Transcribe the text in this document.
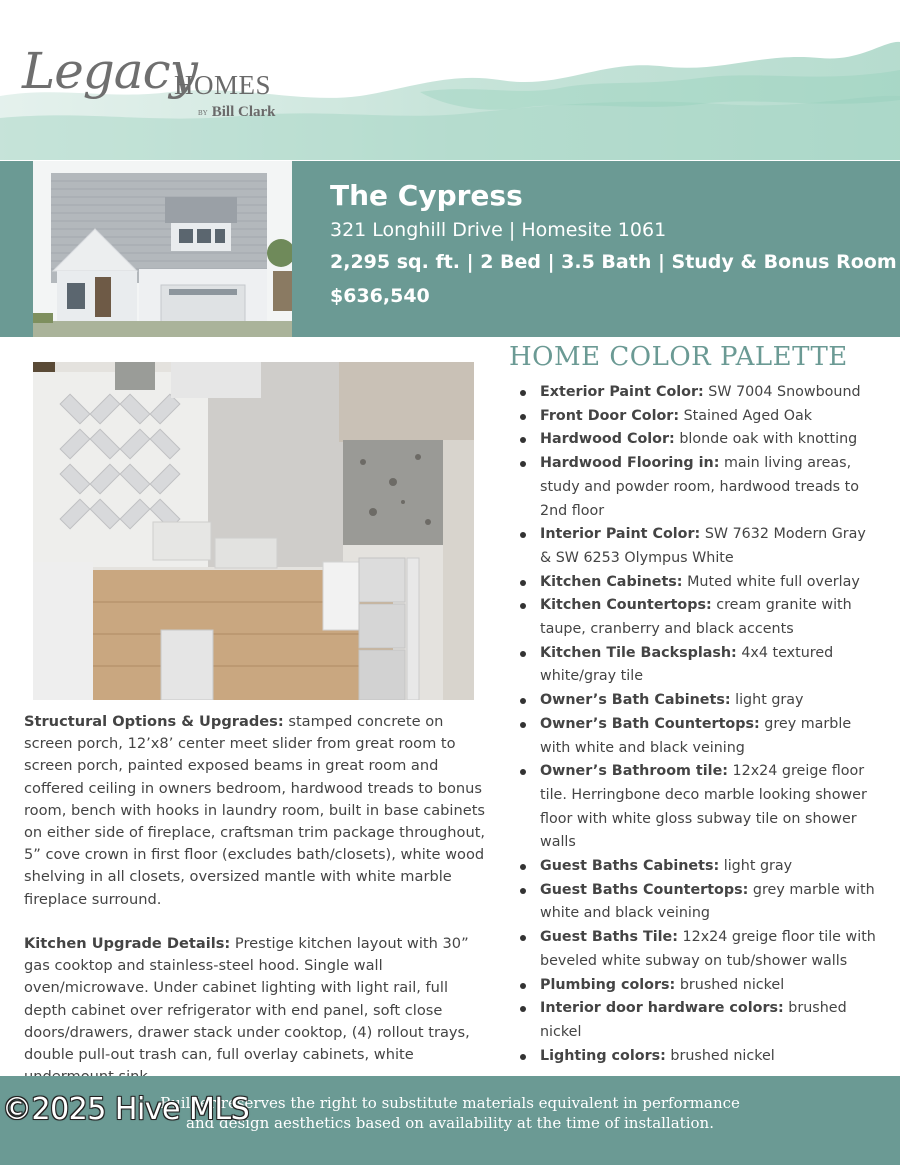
Legacy
HOMES
BY Bill Clark
The Cypress
321 Longhill Drive | Homesite 1061
2,295 sq. ft. | 2 Bed | 3.5 Bath | Study & Bonus Room
$636,540
HOME COLOR PALETTE
Exterior Paint Color: SW 7004 Snowbound
Front Door Color: Stained Aged Oak
Hardwood Color: blonde oak with knotting
Hardwood Flooring in: main living areas, study and powder room, hardwood treads to 2nd floor
Interior Paint Color: SW 7632 Modern Gray & SW 6253 Olympus White
Kitchen Cabinets: Muted white full overlay
Kitchen Countertops: cream granite with taupe, cranberry and black accents
Kitchen Tile Backsplash: 4x4 textured white/gray tile
Owner’s Bath Cabinets: light gray
Owner’s Bath Countertops: grey marble with white and black veining
Owner’s Bathroom tile: 12x24 greige floor tile. Herringbone deco marble looking shower floor with white gloss subway tile on shower walls
Guest Baths Cabinets: light gray
Guest Baths Countertops: grey marble with white and black veining
Guest Baths Tile: 12x24 greige floor tile with beveled white subway on tub/shower walls
Plumbing colors: brushed nickel
Interior door hardware colors: brushed nickel
Lighting colors: brushed nickel

Structural Options & Upgrades: stamped concrete on screen porch, 12’x8’ center meet slider from great room to screen porch, painted exposed beams in great room and coffered ceiling in owners bedroom, hardwood treads to bonus room, bench with hooks in laundry room, built in base cabinets on either side of fireplace, craftsman trim package throughout, 5” cove crown in first floor (excludes bath/closets), white wood shelving in all closets, oversized mantle with white marble fireplace surround.

Kitchen Upgrade Details: Prestige kitchen layout with 30” gas cooktop and stainless-steel hood. Single wall oven/microwave. Under cabinet lighting with light rail, full depth cabinet over refrigerator with end panel, soft close doors/drawers, drawer stack under cooktop, (4) rollout trays, double pull-out trash can, full overlay cabinets, white

Builder reserves the right to substitute materials equivalent in performance
and design aesthetics based on availability at the time of installation.
©2025 Hive MLS
